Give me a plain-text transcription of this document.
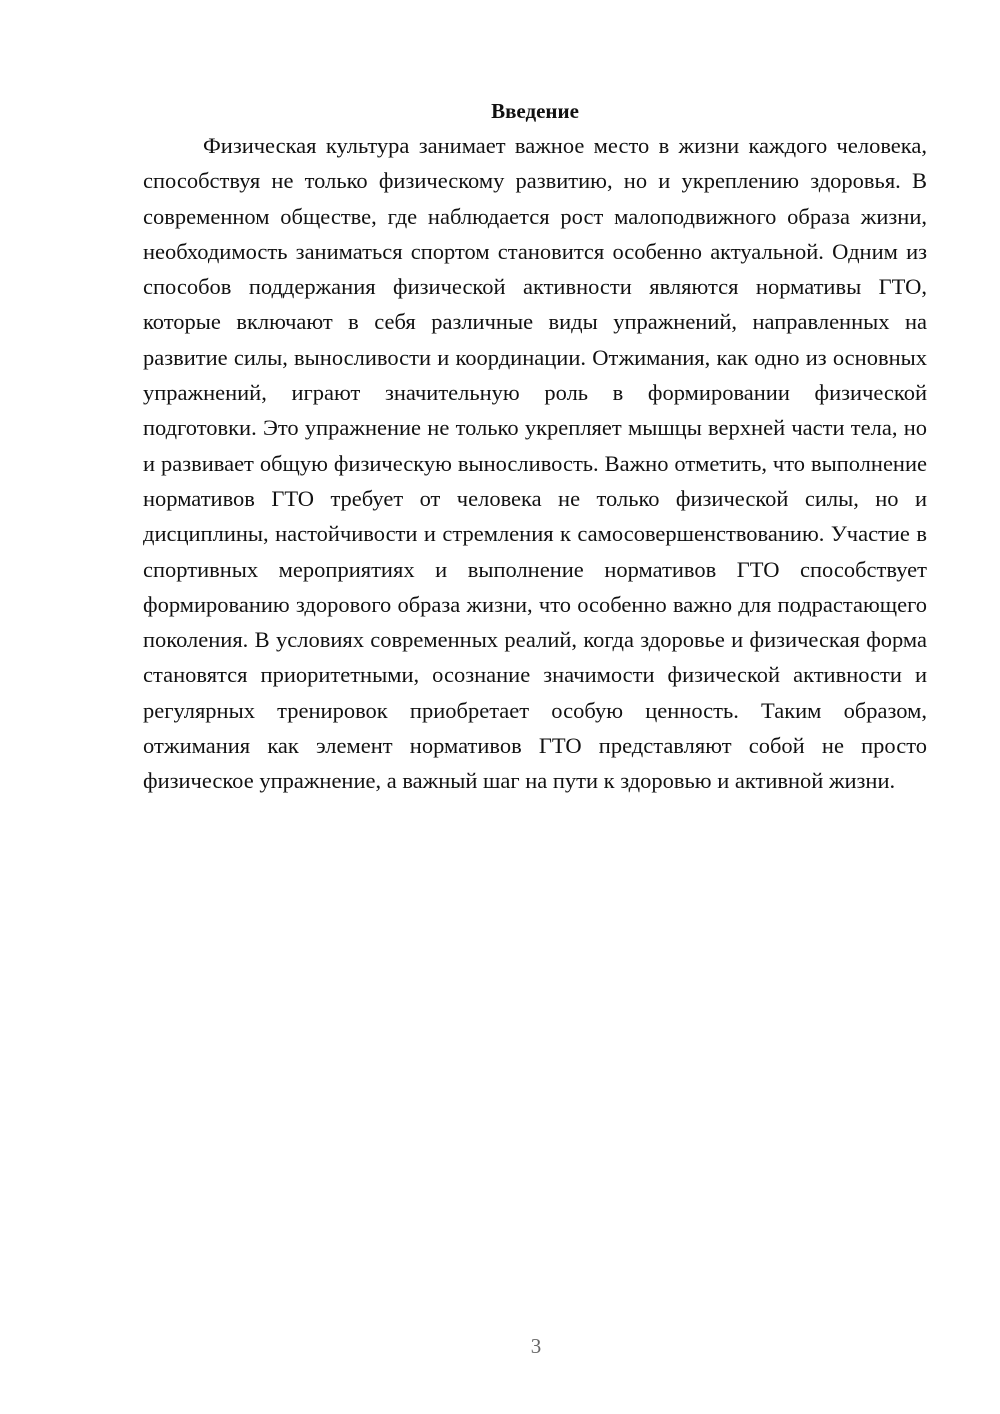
Введение

Физическая культура занимает важное место в жизни каждого человека, способствуя не только физическому развитию, но и укреплению здоровья. В современном обществе, где наблюдается рост малоподвижного образа жизни, необходимость заниматься спортом становится особенно актуальной. Одним из способов поддержания физической активности являются нормативы ГТО, которые включают в себя различные виды упражнений, направленных на развитие силы, выносливости и координации. Отжимания, как одно из основных упражнений, играют значительную роль в формировании физической подготовки. Это упражнение не только укрепляет мышцы верхней части тела, но и развивает общую физическую выносливость. Важно отметить, что выполнение нормативов ГТО требует от человека не только физической силы, но и дисциплины, настойчивости и стремления к самосовершенствованию. Участие в спортивных мероприятиях и выполнение нормативов ГТО способствует формированию здорового образа жизни, что особенно важно для подрастающего поколения. В условиях современных реалий, когда здоровье и физическая форма становятся приоритетными, осознание значимости физической активности и регулярных тренировок приобретает особую ценность. Таким образом, отжимания как элемент нормативов ГТО представляют собой не просто физическое упражнение, а важный шаг на пути к здоровью и активной жизни.

3
